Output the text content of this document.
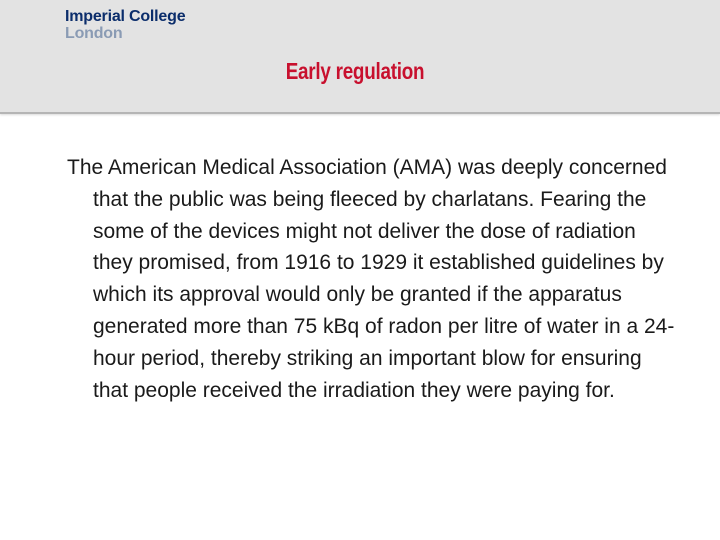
Imperial College
London
Early regulation
The American Medical Association (AMA) was deeply concerned that the public was being fleeced by charlatans. Fearing the some of the devices might not deliver the dose of radiation they promised, from 1916 to 1929 it established guidelines by which its approval would only be granted if the apparatus generated more than 75 kBq of radon per litre of water in a 24-hour period, thereby striking an important blow for ensuring that people received the irradiation they were paying for.
